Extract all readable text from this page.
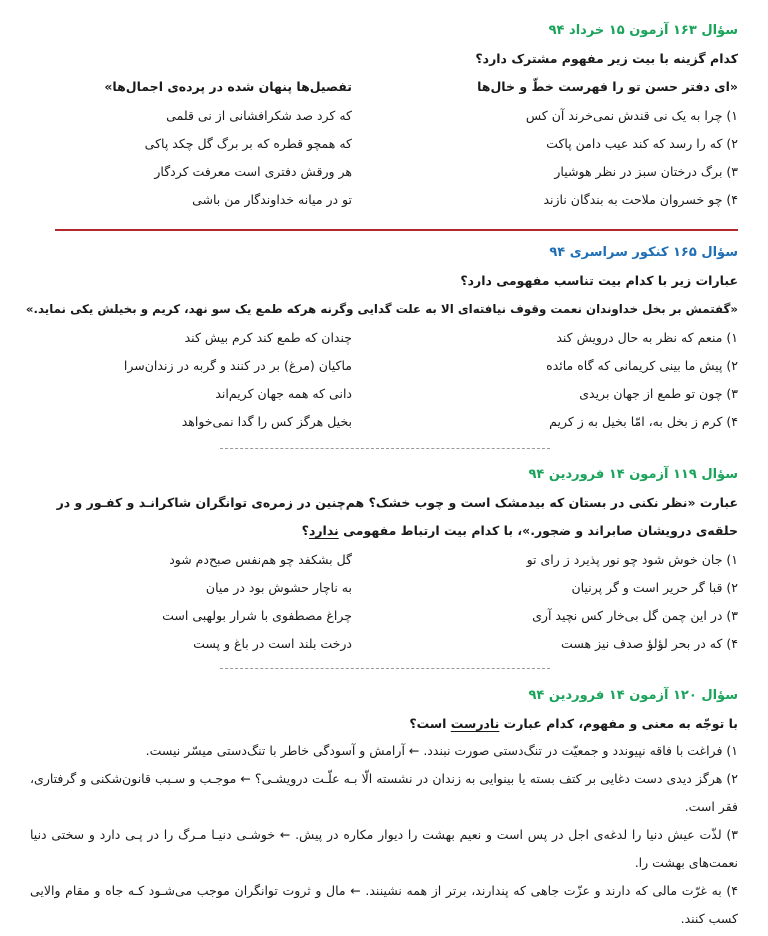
سؤال ۱۶۳ آزمون ۱۵ خرداد ۹۴
کدام گزینه با بیت زیر مفهوم مشترک دارد؟
«ای دفتر حسن تو را فهرست خطّ و خال‌ها
تفصیل‌ها پنهان شده در پرده‌ی اجمال‌ها»
۱) چرا به یک نی قندش نمی‌خرند آن کس
که کرد صد شکرافشانی از نی قلمی
۲) که را رسد که کند عیب دامن پاکت
که همچو قطره که بر برگ گل چکد پاکی
۳) برگ درختان سبز در نظر هوشیار
هر ورقش دفتری است معرفت کردگار
۴) چو خسروان ملاحت به بندگان نازند
تو در میانه خداوندگار من باشی
سؤال ۱۶۵ کنکور سراسری ۹۴
عبارات زیر با کدام بیت تناسب مفهومی دارد؟
«گفتمش بر بخل خداوندان نعمت وقوف نیافته‌ای الا به علت گدایی وگرنه هرکه طمع یک سو نهد، کریم و بخیلش یکی نماید.»
۱) منعم که نظر به حال درویش کند
چندان که طمع کند کرم بیش کند
۲) پیش ما بینی کریمانی که گاه مائده
ماکیان (مرغ) بر در کنند و گربه در زندان‌سرا
۳) چون تو طمع از جهان بریدی
دانی که همه جهان کریم‌اند
۴) کرم ز بخل به، امّا بخیل به ز کریم
بخیل هرگز کس را گدا نمی‌خواهد
سؤال ۱۱۹ آزمون ۱۴ فروردین ۹۴
عبارت «نظر نکنی در بستان که بیدمشک است و چوب خشک؟ هم‌چنین در زمره‌ی توانگران شاکرانـد و کفـور و در
حلقه‌ی درویشان صابراند و ضجور.»، با کدام بیت ارتباط مفهومی ندارد؟
۱) جان خوش شود چو نور پذیرد ز رای تو
گل بشکفد چو هم‌نفس صبح‌دم شود
۲) قبا گر حریر است و گر پرنیان
به ناچار حشوش بود در میان
۳) در این چمن گل بی‌خار کس نچید آری
چراغ مصطفوی با شرار بولهبی است
۴) که در بحر لؤلؤ صدف نیز هست
درخت بلند است در باغ و پست
سؤال ۱۲۰ آزمون ۱۴ فروردین ۹۴
با توجّه به معنی و مفهوم، کدام عبارت نادرست است؟
۱) فراغت با فاقه نپیوندد و جمعیّت در تنگ‌دستی صورت نبندد. ← آرامش و آسودگی خاطر با تنگ‌دستی میسّر نیست.
۲) هرگز دیدی دست دغایی بر کتف بسته یا بینوایی به زندان در نشسته الّا بـه علّـت درویشـی؟ ← موجـب و سـبب قانون‌شکنی و گرفتاری، فقر است.
۳) لذّت عیش دنیا را لدغه‌ی اجل در پس است و نعیم بهشت را دیوار مکاره در پیش. ← خوشـی دنیـا مـرگ را در پـی دارد و سختی دنیا نعمت‌های بهشت را.
۴) به غرّت مالی که دارند و عزّت جاهی که پندارند، برتر از همه نشینند. ← مال و ثروت توانگران موجب می‌شـود کـه جاه و مقام والایی کسب کنند.
